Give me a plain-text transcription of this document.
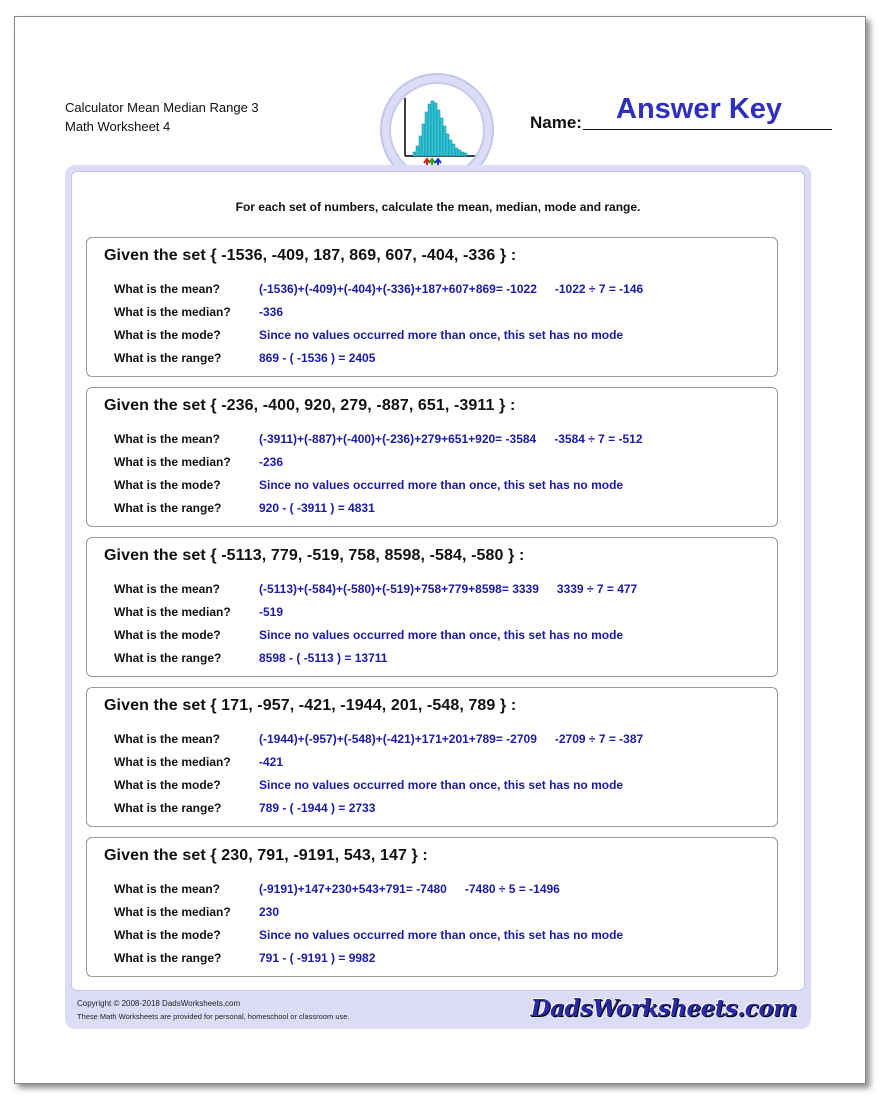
Calculator Mean Median Range 3
Math Worksheet 4	Name: Answer Key
For each set of numbers, calculate the mean, median, mode and range.
Given the set { -1536, -409, 187, 869, 607, -404, -336 } :
What is the mean?	(-1536)+(-409)+(-404)+(-336)+187+607+869= -1022 -1022 ÷ 7 = -146
What is the median? -336
What is the mode?	Since no values occurred more than once, this set has no mode
What is the range?	869 - ( -1536 ) = 2405
Given the set { -236, -400, 920, 279, -887, 651, -3911 } :
What is the mean?	(-3911)+(-887)+(-400)+(-236)+279+651+920= -3584 -3584 ÷ 7 = -512
What is the median? -236
What is the mode?	Since no values occurred more than once, this set has no mode
What is the range?	920 - ( -3911 ) = 4831
Given the set { -5113, 779, -519, 758, 8598, -584, -580 } :
What is the mean?	(-5113)+(-584)+(-580)+(-519)+758+779+8598= 3339 3339 ÷ 7 = 477
What is the median? -519
What is the mode?	Since no values occurred more than once, this set has no mode
What is the range?	8598 - ( -5113 ) = 13711
Given the set { 171, -957, -421, -1944, 201, -548, 789 } :
What is the mean?	(-1944)+(-957)+(-548)+(-421)+171+201+789= -2709 -2709 ÷ 7 = -387
What is the median? -421
What is the mode?	Since no values occurred more than once, this set has no mode
What is the range?	789 - ( -1944 ) = 2733
Given the set { 230, 791, -9191, 543, 147 } :
What is the mean?	(-9191)+147+230+543+791= -7480 -7480 ÷ 5 = -1496
What is the median? 230
What is the mode?	Since no values occurred more than once, this set has no mode
What is the range?	791 - ( -9191 ) = 9982
Copyright © 2008-2018 DadsWorksheets.com
These Math Worksheets are provided for personal, homeschool or classroom use.	DadsWorksheets.com
